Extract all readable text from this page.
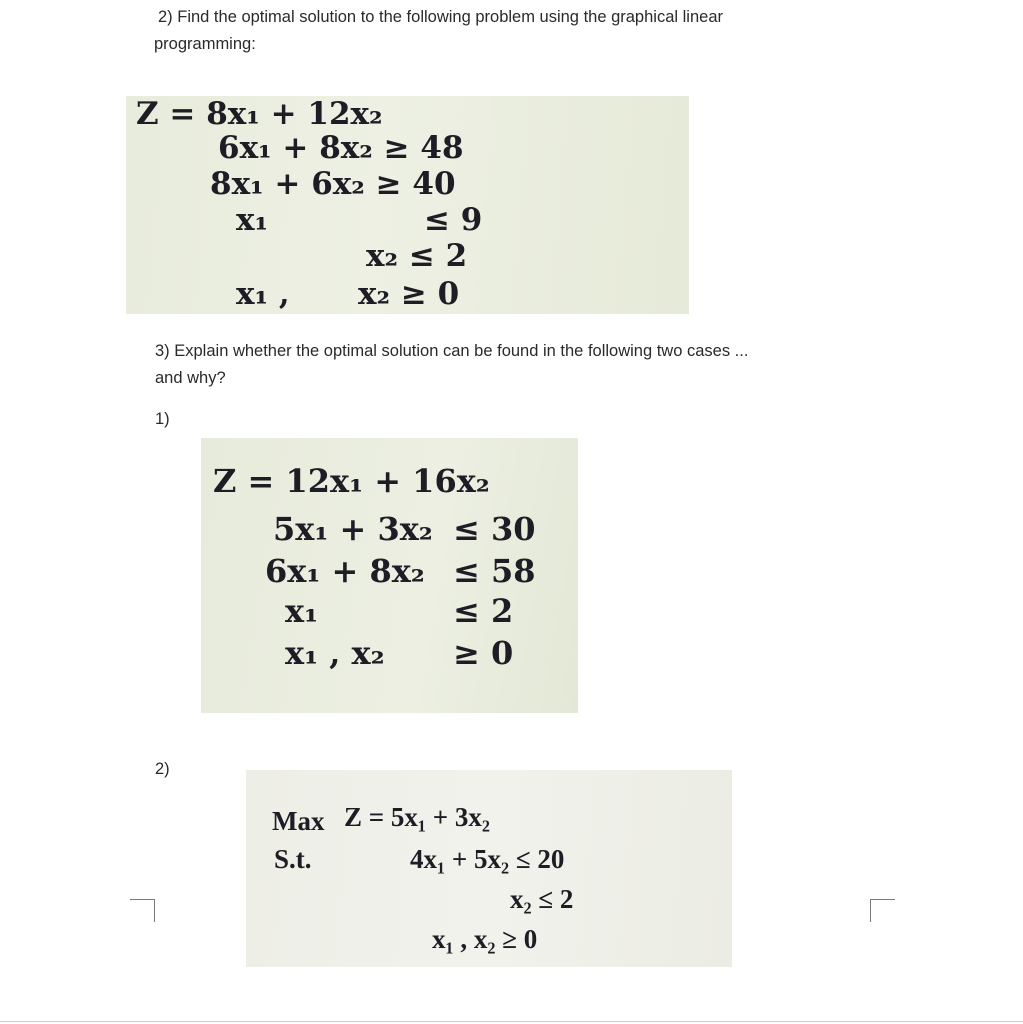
2) Find the optimal solution to the following problem using the graphical linear
programming:

Z = 8x₁ + 12x₂
6x₁ + 8x₂ ≥ 48
8x₁ + 6x₂ ≥ 40
x₁	≤ 9
x₂ ≤ 2
x₁ , x₂ ≥ 0

3) Explain whether the optimal solution can be found in the following two cases ...
and why?

1)
Z = 12x₁ + 16x₂
5x₁ + 3x₂ ≤ 30
6x₁ + 8x₂ ≤ 58
x₁	≤ 2
x₁ , x₂ ≥ 0
2)
Max Z = 5x₁ + 3x₂
S.t.	4x₁ + 5x₂ ≤ 20
x₂ ≤ 2
x₁ , x₂ ≥ 0
